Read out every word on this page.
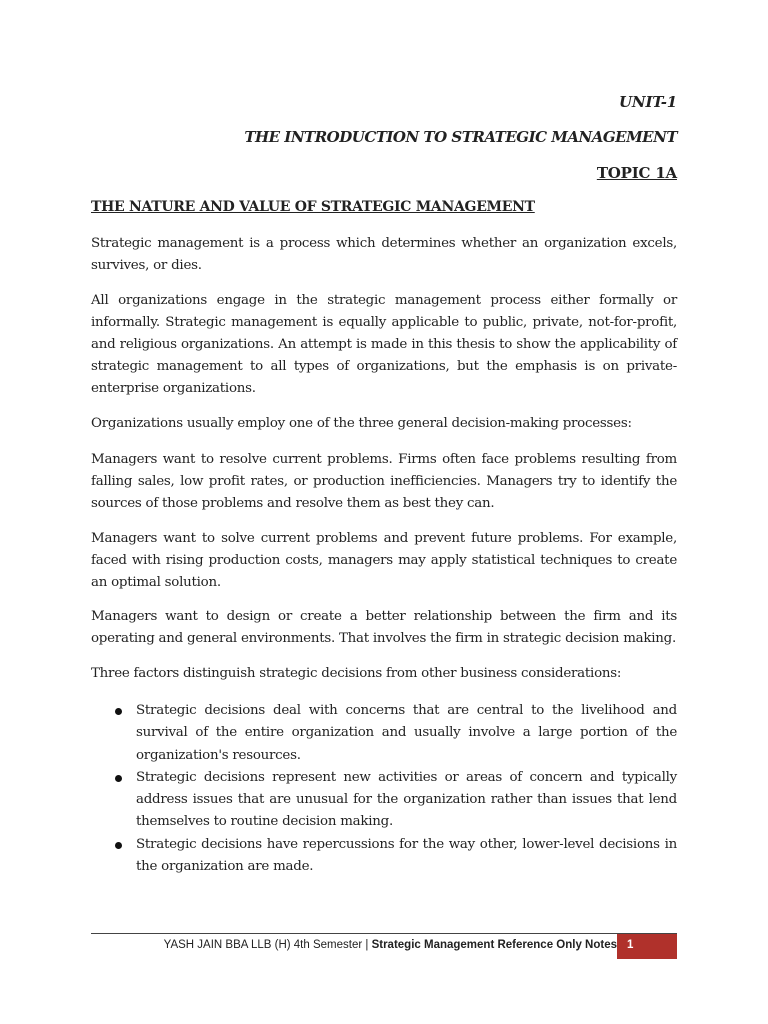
UNIT-1
THE INTRODUCTION TO STRATEGIC MANAGEMENT
TOPIC 1A
THE NATURE AND VALUE OF STRATEGIC MANAGEMENT

Strategic management is a process which determines whether an organization excels, survives, or dies.

All organizations engage in the strategic management process either formally or informally. Strategic management is equally applicable to public, private, not-for-profit, and religious organizations. An attempt is made in this thesis to show the applicability of strategic management to all types of organizations, but the emphasis is on private-enterprise organizations.

Organizations usually employ one of the three general decision-making processes:

Managers want to resolve current problems. Firms often face problems resulting from falling sales, low profit rates, or production inefficiencies. Managers try to identify the sources of those problems and resolve them as best they can.

Managers want to solve current problems and prevent future problems. For example, faced with rising production costs, managers may apply statistical techniques to create an optimal solution.

Managers want to design or create a better relationship between the firm and its operating and general environments. That involves the firm in strategic decision making.

Three factors distinguish strategic decisions from other business considerations:

Strategic decisions deal with concerns that are central to the livelihood and survival of the entire organization and usually involve a large portion of the organization's resources.
Strategic decisions represent new activities or areas of concern and typically address issues that are unusual for the organization rather than issues that lend themselves to routine decision making.
Strategic decisions have repercussions for the way other, lower-level decisions in the organization are made.
YASH JAIN BBA LLB (H) 4th Semester | Strategic Management Reference Only Notes 1
